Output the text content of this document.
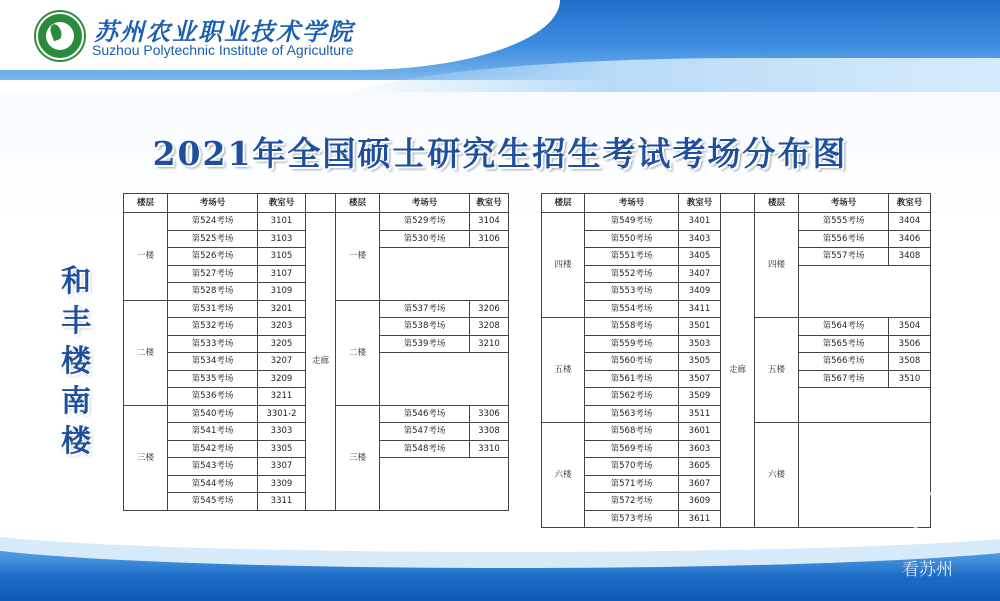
苏州农业职业技术学院
Suzhou Polytechnic Institute of Agriculture
2021年全国硕士研究生招生考试考场分布图
和
丰
楼
南
楼
楼层	考场号	教室号		楼层	考场号	教室号
一楼	第524考场	3101	走廊	一楼	第529考场	3104
	第525考场	3103			第530考场	3106
	第526考场	3105				
	第527考场	3107				
	第528考场	3109				
二楼	第531考场	3201		二楼	第537考场	3206
	第532考场	3203			第538考场	3208
	第533考场	3205			第539考场	3210
	第534考场	3207				
	第535考场	3209				
	第536考场	3211				
三楼	第540考场	3301-2		三楼	第546考场	3306
	第541考场	3303			第547考场	3308
	第542考场	3305			第548考场	3310
	第543考场	3307				
	第544考场	3309				
	第545考场	3311				
楼层	考场号	教室号		楼层	考场号	教室号
四楼	第549考场	3401	走廊	四楼	第555考场	3404
	第550考场	3403			第556考场	3406
	第551考场	3405			第557考场	3408
	第552考场	3407				
	第553考场	3409				
	第554考场	3411				
五楼	第558考场	3501		五楼	第564考场	3504
	第559考场	3503			第565考场	3506
	第560考场	3505			第566考场	3508
	第561考场	3507			第567考场	3510
	第562考场	3509				
	第563考场	3511				
六楼	第568考场	3601		六楼		
	第569考场	3603				
	第570考场	3605				
	第571考场	3607				
	第572考场	3609				
	第573考场	3611				
看苏州
